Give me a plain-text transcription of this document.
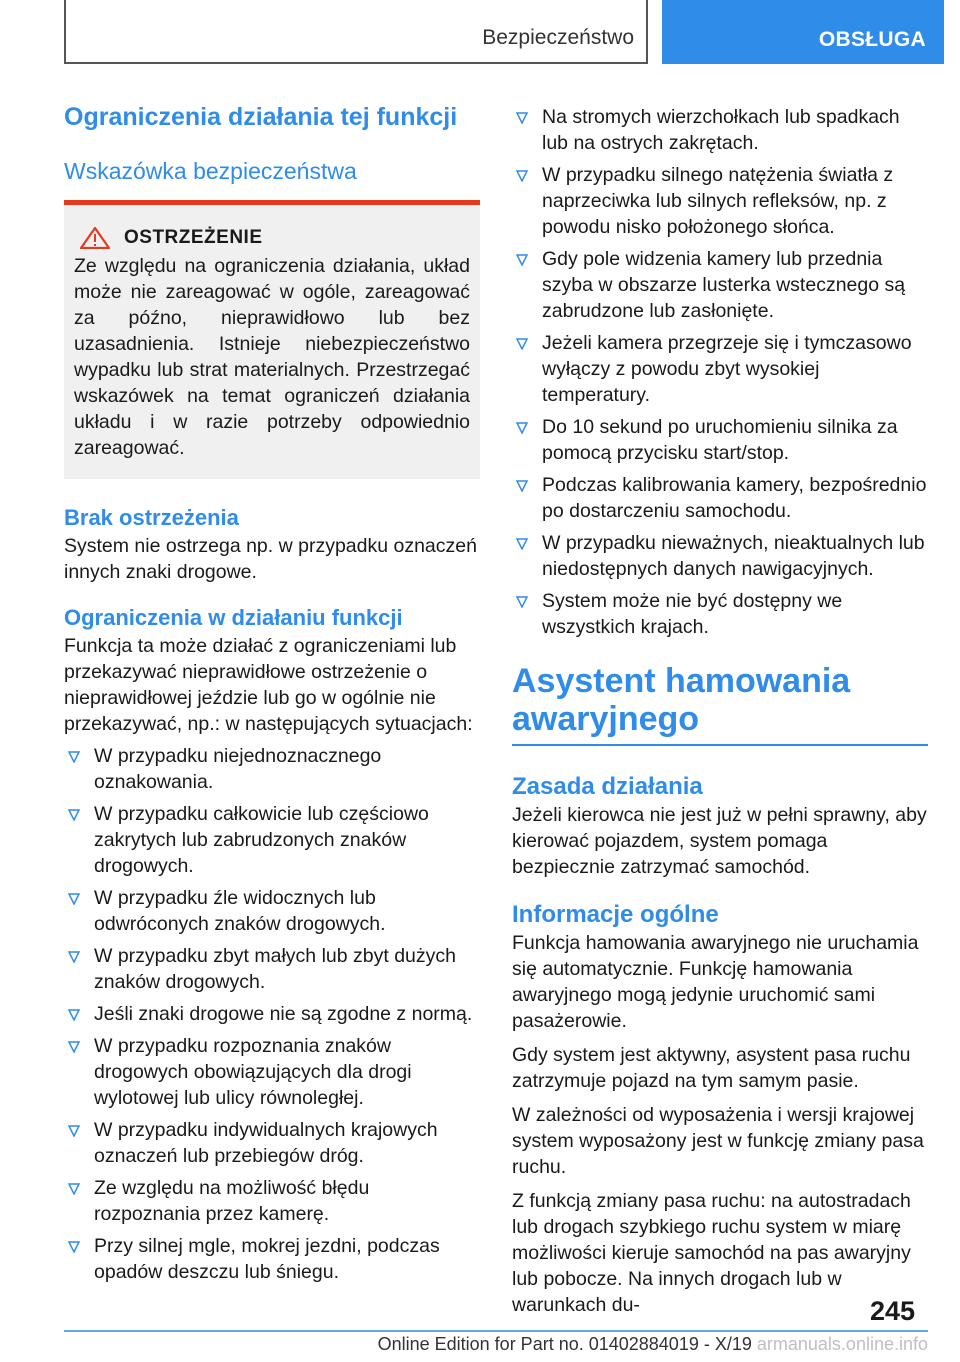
Bezpieczeństwo	OBSŁUGA
Ograniczenia działania tej funkcji
Wskazówka bezpieczeństwa
OSTRZEŻENIE

Ze względu na ograniczenia działania, układ może nie zareagować w ogóle, zareagować za późno, nieprawidłowo lub bez uzasadnienia. Istnieje niebezpieczeństwo wypadku lub strat materialnych. Przestrzegać wskazówek na temat ograniczeń działania układu i w razie potrzeby odpowiednio zareagować.

Brak ostrzeżenia

System nie ostrzega np. w przypadku oznaczeń innych znaki drogowe.

Ograniczenia w działaniu funkcji

Funkcja ta może działać z ograniczeniami lub przekazywać nieprawidłowe ostrzeżenie o nieprawidłowej jeździe lub go w ogólnie nie przekazywać, np.: w następujących sytuacjach:

W przypadku niejednoznacznego oznakowania.
W przypadku całkowicie lub częściowo zakrytych lub zabrudzonych znaków drogowych.
W przypadku źle widocznych lub odwróconych znaków drogowych.
W przypadku zbyt małych lub zbyt dużych znaków drogowych.
Jeśli znaki drogowe nie są zgodne z normą.
W przypadku rozpoznania znaków drogowych obowiązujących dla drogi wylotowej lub ulicy równoległej.
W przypadku indywidualnych krajowych oznaczeń lub przebiegów dróg.
Ze względu na możliwość błędu rozpoznania przez kamerę.
Przy silnej mgle, mokrej jezdni, podczas opadów deszczu lub śniegu.
Na stromych wierzchołkach lub spadkach lub na ostrych zakrętach.
W przypadku silnego natężenia światła z naprzeciwka lub silnych refleksów, np. z powodu nisko położonego słońca.
Gdy pole widzenia kamery lub przednia szyba w obszarze lusterka wstecznego są zabrudzone lub zasłonięte.
Jeżeli kamera przegrzeje się i tymczasowo wyłączy z powodu zbyt wysokiej temperatury.
Do 10 sekund po uruchomieniu silnika za pomocą przycisku start/stop.
Podczas kalibrowania kamery, bezpośrednio po dostarczeniu samochodu.
W przypadku nieważnych, nieaktualnych lub niedostępnych danych nawigacyjnych.
System może nie być dostępny we wszystkich krajach.
Asystent hamowania awaryjnego
Zasada działania

Jeżeli kierowca nie jest już w pełni sprawny, aby kierować pojazdem, system pomaga bezpiecznie zatrzymać samochód.

Informacje ogólne

Funkcja hamowania awaryjnego nie uruchamia się automatycznie. Funkcję hamowania awaryjnego mogą jedynie uruchomić sami pasażerowie.

Gdy system jest aktywny, asystent pasa ruchu zatrzymuje pojazd na tym samym pasie.

W zależności od wyposażenia i wersji krajowej system wyposażony jest w funkcję zmiany pasa ruchu.

Z funkcją zmiany pasa ruchu: na autostradach lub drogach szybkiego ruchu system w miarę możliwości kieruje samochód na pas awaryjny lub pobocze. Na innych drogach lub w warunkach du-	245
Online Edition for Part no. 01402884019 - X/19 armanuals.online.info
